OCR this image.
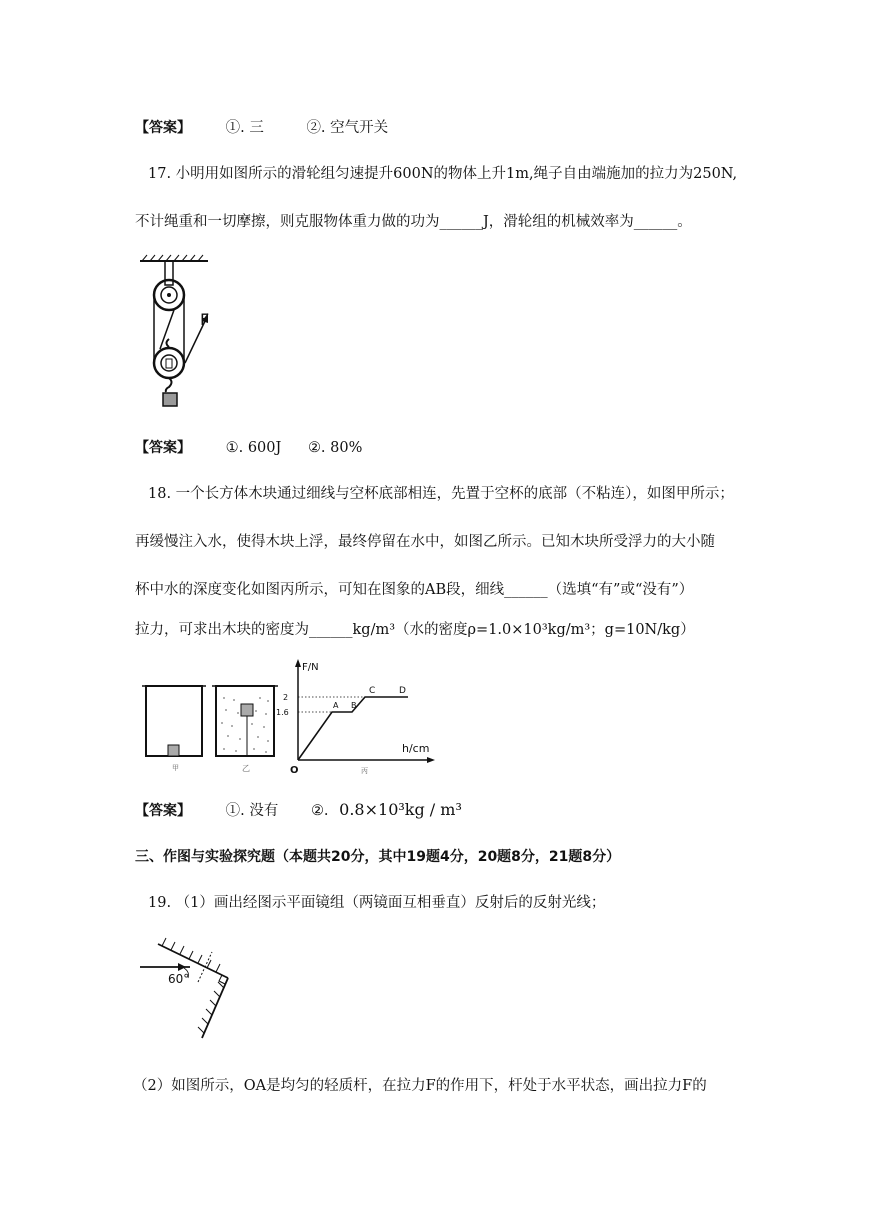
【答案】 ①. 三	②. 空气开关
17. 小明用如图所示的滑轮组匀速提升600N的物体上升1m,绳子自由端施加的拉力为250N,
不计绳重和一切摩擦，则克服物体重力做的功为______J，滑轮组的机械效率为______。
F
【答案】 ①. 600J ②. 80%
18. 一个长方体木块通过细线与空杯底部相连，先置于空杯的底部（不粘连），如图甲所示；
再缓慢注入水，使得木块上浮，最终停留在水中，如图乙所示。已知木块所受浮力的大小随
杯中水的深度变化如图丙所示，可知在图象的AB段，细线______（选填“有”或“没有”）
拉力，可求出木块的密度为______kg/m³（水的密度ρ=1.0×10³kg/m³；g=10N/kg）
甲	乙
F/N
h/cm
O
2
1.6
A B
C	D
丙
【答案】 ①. 没有 ②. 0.8×10³kg / m³
三、作图与实验探究题（本题共20分，其中19题4分，20题8分，21题8分）
19. （1）画出经图示平面镜组（两镜面互相垂直）反射后的反射光线；
60°
（2）如图所示，OA是均匀的轻质杆，在拉力F的作用下，杆处于水平状态，画出拉力F的
